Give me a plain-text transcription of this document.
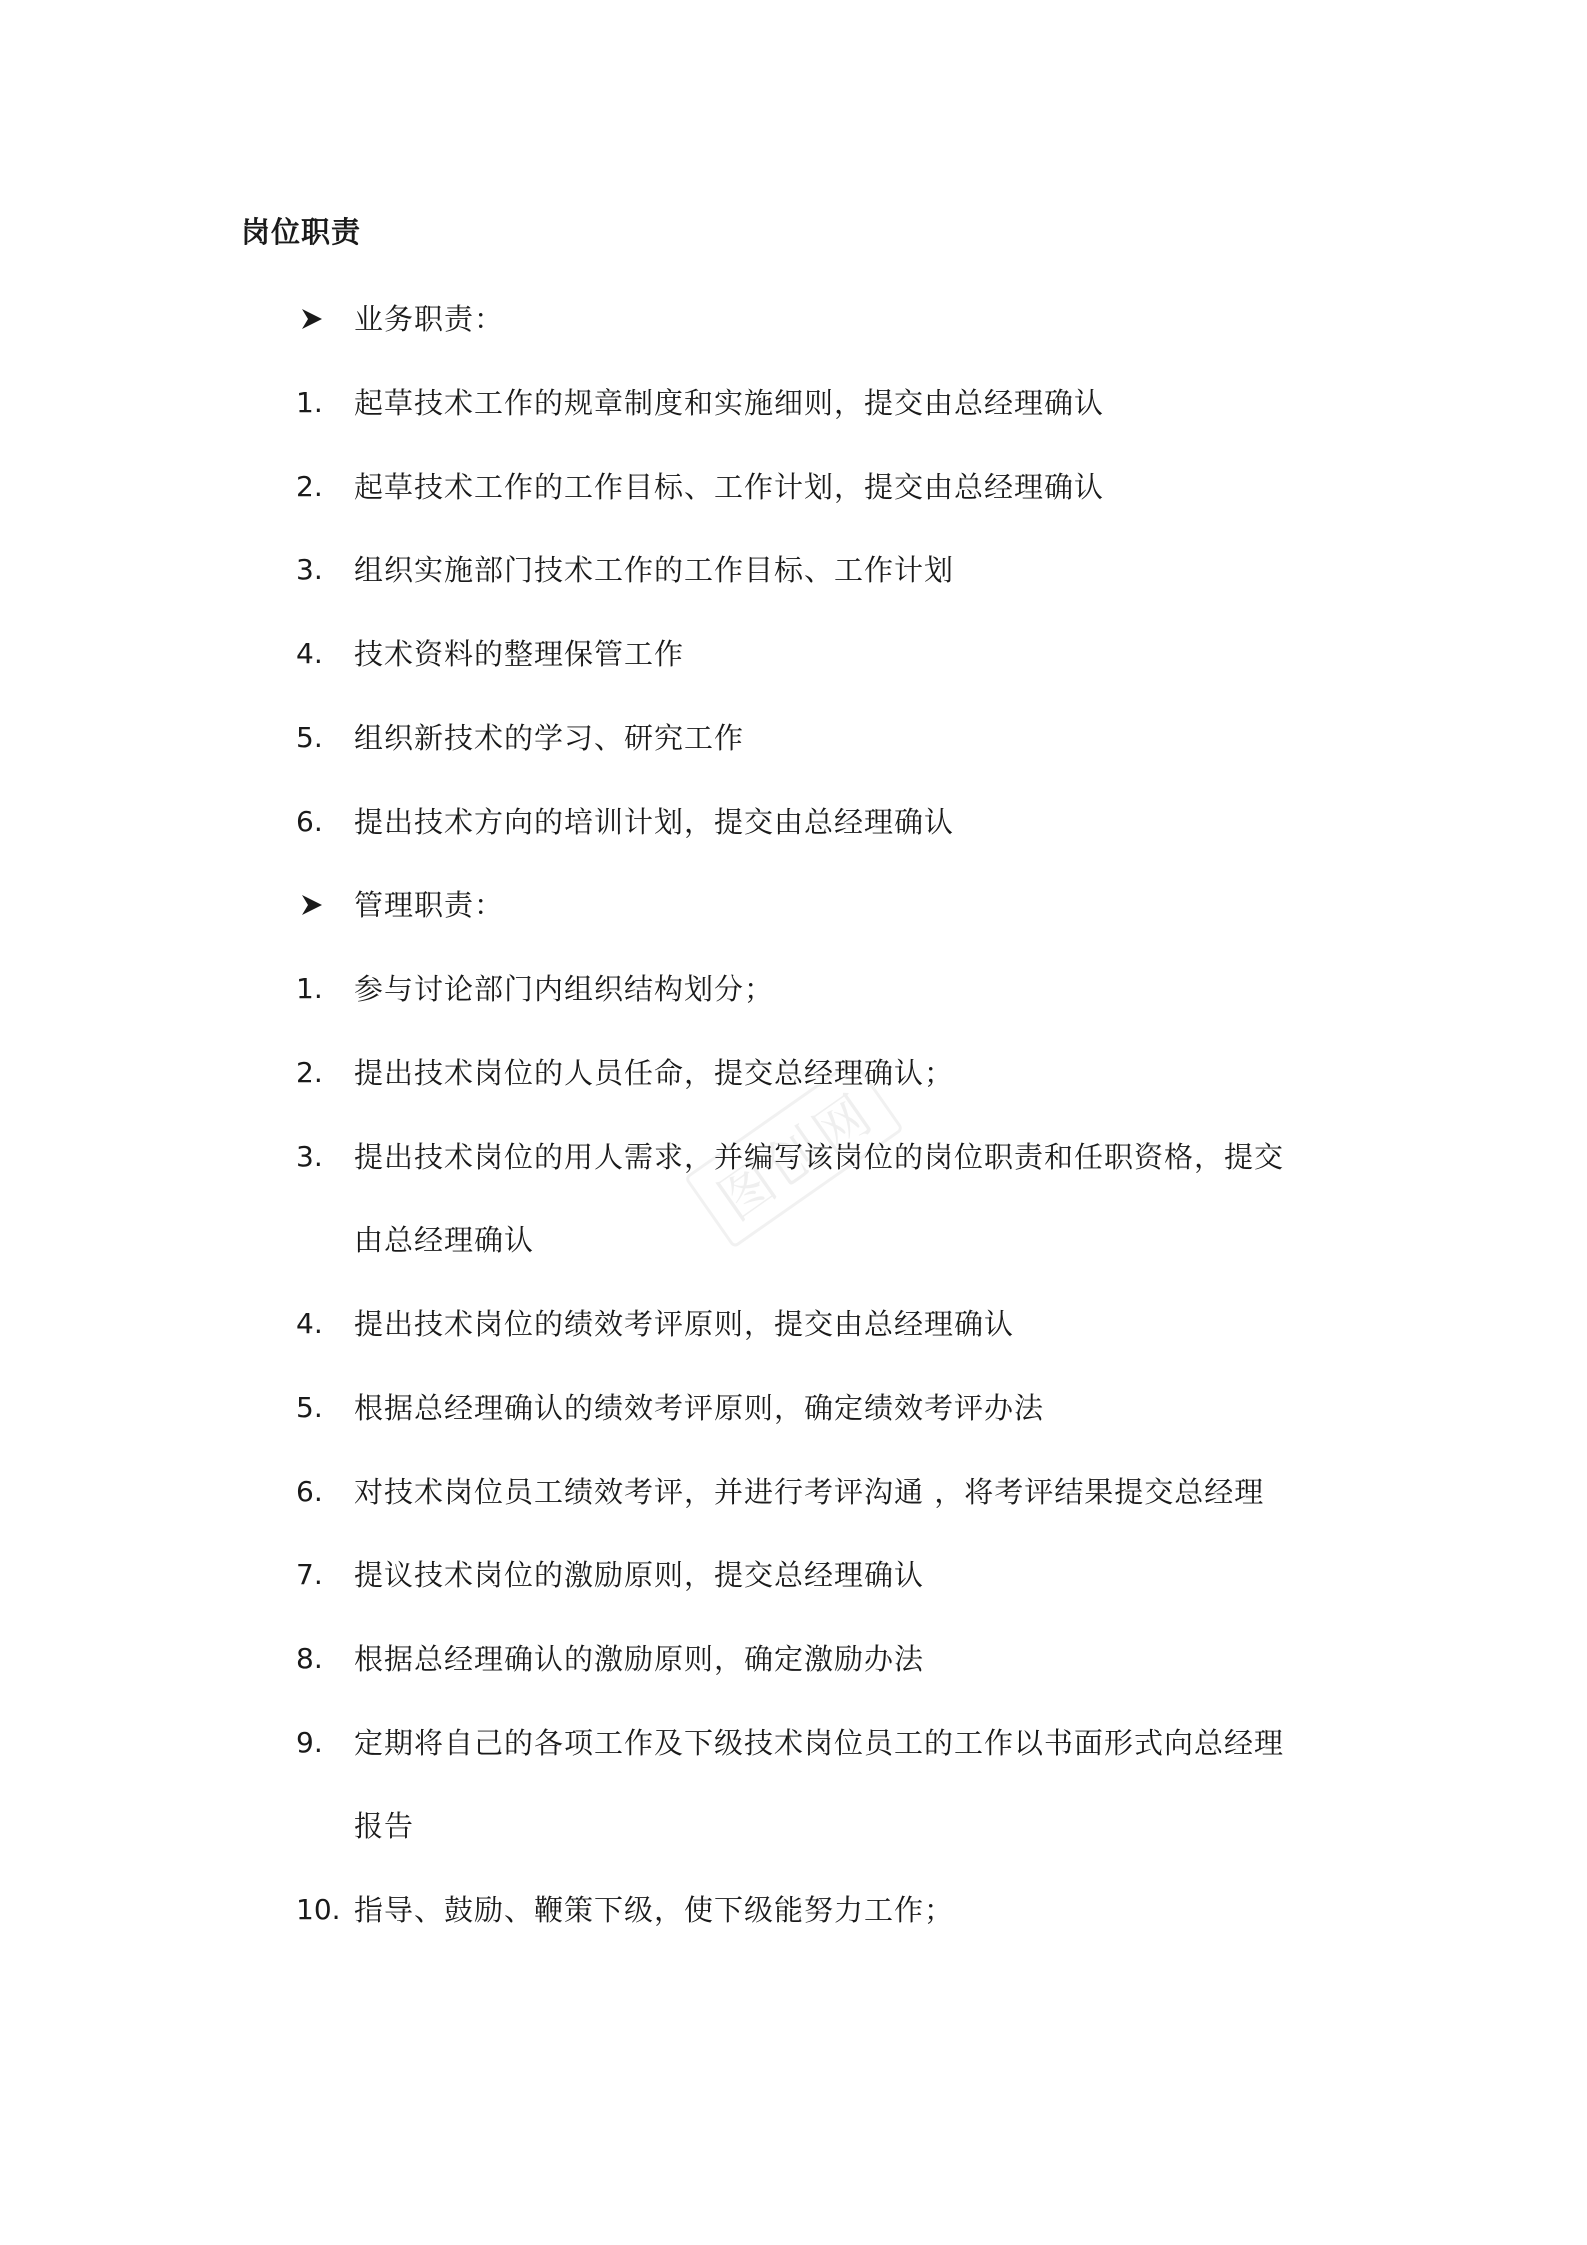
岗位职责
业务职责：
1. 起草技术工作的规章制度和实施细则，提交由总经理确认
2. 起草技术工作的工作目标、工作计划，提交由总经理确认
3. 组织实施部门技术工作的工作目标、工作计划
4. 技术资料的整理保管工作
5. 组织新技术的学习、研究工作
6. 提出技术方向的培训计划，提交由总经理确认
管理职责：
1. 参与讨论部门内组织结构划分；
2. 提出技术岗位的人员任命，提交总经理确认；
3. 提出技术岗位的用人需求，并编写该岗位的岗位职责和任职资格，提交
由总经理确认
4. 提出技术岗位的绩效考评原则，提交由总经理确认
5. 根据总经理确认的绩效考评原则，确定绩效考评办法
6. 对技术岗位员工绩效考评，并进行考评沟通 ，将考评结果提交总经理
7. 提议技术岗位的激励原则，提交总经理确认
8. 根据总经理确认的激励原则，确定激励办法
9. 定期将自己的各项工作及下级技术岗位员工的工作以书面形式向总经理
报告
10. 指导、鼓励、鞭策下级，使下级能努力工作；
图创网
